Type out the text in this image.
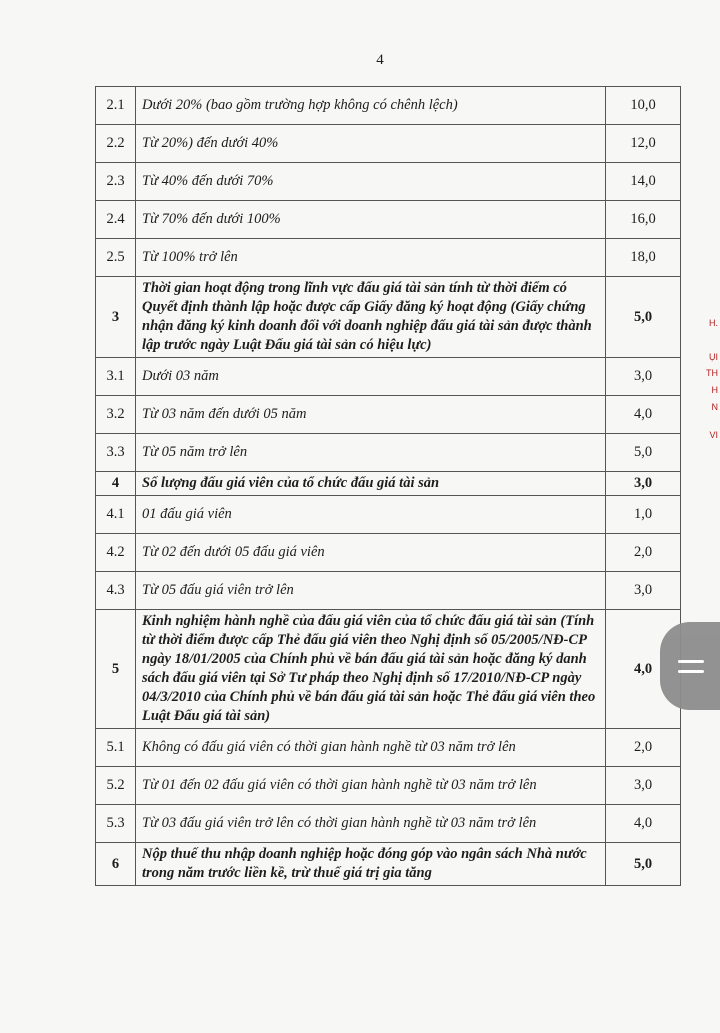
4
2.1	Dưới 20% (bao gồm trường hợp không có chênh lệch)	10,0
2.2	Từ 20%) đến dưới 40%	12,0
2.3	Từ 40% đến dưới 70%	14,0
2.4	Từ 70% đến dưới 100%	16,0
2.5	Từ 100% trở lên	18,0
3	Thời gian hoạt động trong lĩnh vực đấu giá tài sản tính từ thời điểm có Quyết định thành lập hoặc được cấp Giấy đăng ký hoạt động (Giấy chứng nhận đăng ký kinh doanh đối với doanh nghiệp đấu giá tài sản được thành lập trước ngày Luật Đấu giá tài sản có hiệu lực)	5,0
3.1	Dưới 03 năm	3,0
3.2	Từ 03 năm đến dưới 05 năm	4,0
3.3	Từ 05 năm trở lên	5,0
4	Số lượng đấu giá viên của tổ chức đấu giá tài sản	3,0
4.1	01 đấu giá viên	1,0
4.2	Từ 02 đến dưới 05 đấu giá viên	2,0
4.3	Từ 05 đấu giá viên trở lên	3,0
5	Kinh nghiệm hành nghề của đấu giá viên của tổ chức đấu giá tài sản (Tính từ thời điểm được cấp Thẻ đấu giá viên theo Nghị định số 05/2005/NĐ-CP ngày 18/01/2005 của Chính phủ về bán đấu giá tài sản hoặc đăng ký danh sách đấu giá viên tại Sở Tư pháp theo Nghị định số 17/2010/NĐ-CP ngày 04/3/2010 của Chính phủ về bán đấu giá tài sản hoặc Thẻ đấu giá viên theo Luật Đấu giá tài sản)	4,0
5.1	Không có đấu giá viên có thời gian hành nghề từ 03 năm trở lên	2,0
5.2	Từ 01 đến 02 đấu giá viên có thời gian hành nghề từ 03 năm trở lên	3,0
5.3	Từ 03 đấu giá viên trở lên có thời gian hành nghề từ 03 năm trở lên	4,0
6	Nộp thuế thu nhập doanh nghiệp hoặc đóng góp vào ngân sách Nhà nước trong năm trước liền kề, trừ thuế giá trị gia tăng	5,0
H.
ỤI
TH
H
N
VI
